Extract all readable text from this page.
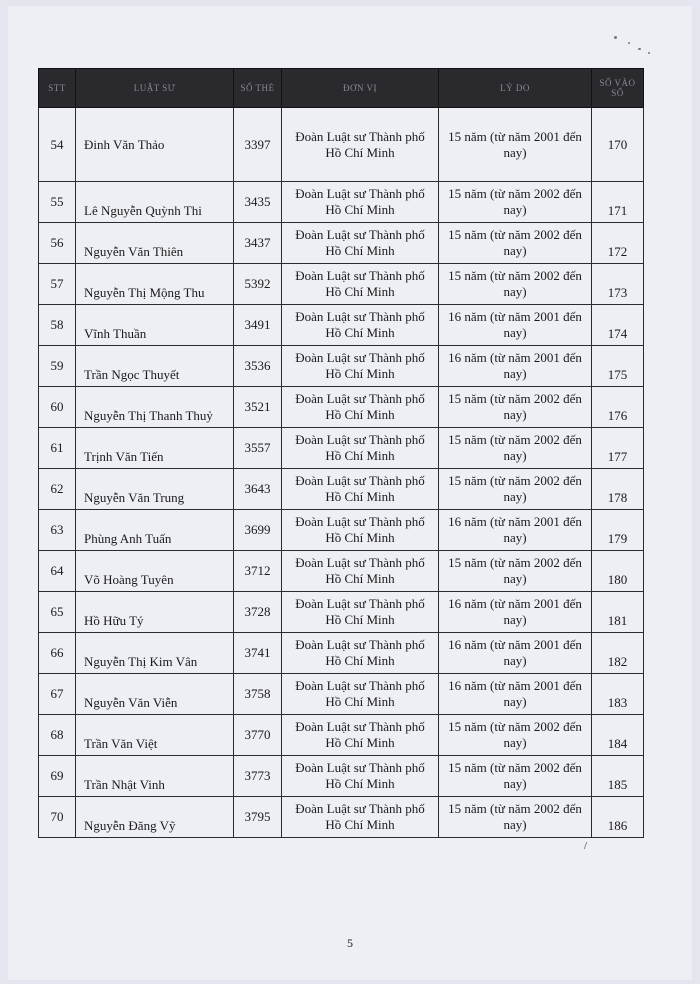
STT	LUẬT SƯ	SỐ THẺ	ĐƠN VỊ	LÝ DO	SỐ VÀO SỔ
54	Đinh Văn Thảo	3397	Đoàn Luật sư Thành phố Hồ Chí Minh	15 năm (từ năm 2001 đến nay)	170
55	Lê Nguyễn Quỳnh Thi	3435	Đoàn Luật sư Thành phố Hồ Chí Minh	15 năm (từ năm 2002 đến nay)	171
56	Nguyễn Văn Thiên	3437	Đoàn Luật sư Thành phố Hồ Chí Minh	15 năm (từ năm 2002 đến nay)	172
57	Nguyễn Thị Mộng Thu	5392	Đoàn Luật sư Thành phố Hồ Chí Minh	15 năm (từ năm 2002 đến nay)	173
58	Vĩnh Thuần	3491	Đoàn Luật sư Thành phố Hồ Chí Minh	16 năm (từ năm 2001 đến nay)	174
59	Trần Ngọc Thuyết	3536	Đoàn Luật sư Thành phố Hồ Chí Minh	16 năm (từ năm 2001 đến nay)	175
60	Nguyễn Thị Thanh Thuỷ	3521	Đoàn Luật sư Thành phố Hồ Chí Minh	15 năm (từ năm 2002 đến nay)	176
61	Trịnh Văn Tiến	3557	Đoàn Luật sư Thành phố Hồ Chí Minh	15 năm (từ năm 2002 đến nay)	177
62	Nguyễn Văn Trung	3643	Đoàn Luật sư Thành phố Hồ Chí Minh	15 năm (từ năm 2002 đến nay)	178
63	Phùng Anh Tuấn	3699	Đoàn Luật sư Thành phố Hồ Chí Minh	16 năm (từ năm 2001 đến nay)	179
64	Võ Hoàng Tuyên	3712	Đoàn Luật sư Thành phố Hồ Chí Minh	15 năm (từ năm 2002 đến nay)	180
65	Hồ Hữu Tý	3728	Đoàn Luật sư Thành phố Hồ Chí Minh	16 năm (từ năm 2001 đến nay)	181
66	Nguyễn Thị Kim Vân	3741	Đoàn Luật sư Thành phố Hồ Chí Minh	16 năm (từ năm 2001 đến nay)	182
67	Nguyễn Văn Viễn	3758	Đoàn Luật sư Thành phố Hồ Chí Minh	16 năm (từ năm 2001 đến nay)	183
68	Trần Văn Việt	3770	Đoàn Luật sư Thành phố Hồ Chí Minh	15 năm (từ năm 2002 đến nay)	184
69	Trần Nhật Vinh	3773	Đoàn Luật sư Thành phố Hồ Chí Minh	15 năm (từ năm 2002 đến nay)	185
70	Nguyễn Đăng Vỹ	3795	Đoàn Luật sư Thành phố Hồ Chí Minh	15 năm (từ năm 2002 đến nay)	186
/
5
